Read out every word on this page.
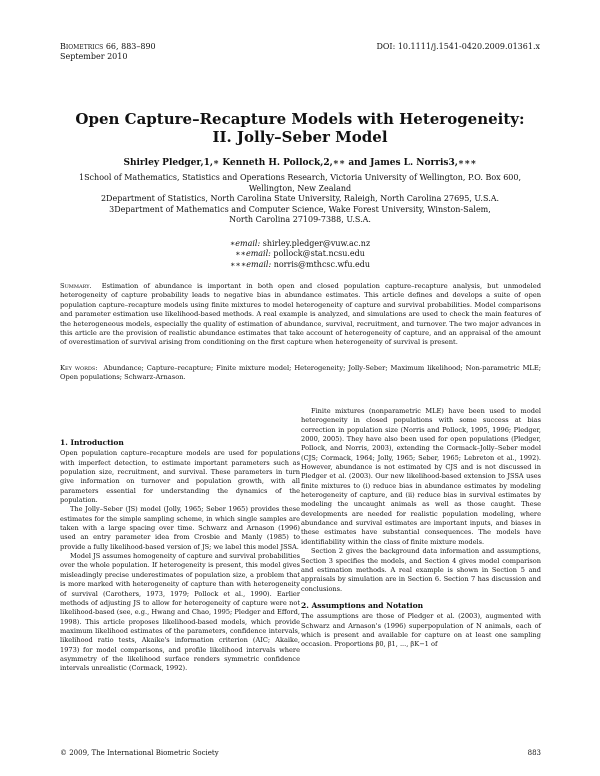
Biometrics 66, 883–890
September 2010
DOI: 10.1111/j.1541-0420.2009.01361.x
Open Capture–Recapture Models with Heterogeneity:
II. Jolly–Seber Model
Shirley Pledger,1,∗ Kenneth H. Pollock,2,∗∗ and James L. Norris3,∗∗∗
1School of Mathematics, Statistics and Operations Research, Victoria University of Wellington, P.O. Box 600,
Wellington, New Zealand
2Department of Statistics, North Carolina State University, Raleigh, North Carolina 27695, U.S.A.
3Department of Mathematics and Computer Science, Wake Forest University, Winston-Salem,
North Carolina 27109-7388, U.S.A.
∗email: shirley.pledger@vuw.ac.nz
∗∗email: pollock@stat.ncsu.edu
∗∗∗email: norris@mthcsc.wfu.edu
Summary. Estimation of abundance is important in both open and closed population capture–recapture analysis, but unmodeled heterogeneity of capture probability leads to negative bias in abundance estimates. This article defines and develops a suite of open population capture–recapture models using finite mixtures to model heterogeneity of capture and survival probabilities. Model comparisons and parameter estimation use likelihood-based methods. A real example is analyzed, and simulations are used to check the main features of the heterogeneous models, especially the quality of estimation of abundance, survival, recruitment, and turnover. The two major advances in this article are the provision of realistic abundance estimates that take account of heterogeneity of capture, and an appraisal of the amount of overestimation of survival arising from conditioning on the first capture when heterogeneity of survival is present.
Key words: Abundance; Capture–recapture; Finite mixture model; Heterogeneity; Jolly-Seber; Maximum likelihood; Non-parametric MLE; Open populations; Schwarz-Arnason.
1. Introduction

Open population capture–recapture models are used for populations with imperfect detection, to estimate important parameters such as population size, recruitment, and survival. These parameters in turn give information on turnover and population growth, with all parameters essential for understanding the dynamics of the population.

The Jolly–Seber (JS) model (Jolly, 1965; Seber 1965) provides these estimates for the simple sampling scheme, in which single samples are taken with a large spacing over time. Schwarz and Arnason (1996) used an entry parameter idea from Crosbie and Manly (1985) to provide a fully likelihood-based version of JS; we label this model JSSA.

Model JS assumes homogeneity of capture and survival probabilities over the whole population. If heterogeneity is present, this model gives misleadingly precise underestimates of population size, a problem that is more marked with heterogeneity of capture than with heterogeneity of survival (Carothers, 1973, 1979; Pollock et al., 1990). Earlier methods of adjusting JS to allow for heterogeneity of capture were not likelihood-based (see, e.g., Hwang and Chao, 1995; Pledger and Efford, 1998). This article proposes likelihood-based models, which provide maximum likelihood estimates of the parameters, confidence intervals, likelihood ratio tests, Akaike's information criterion (AIC; Akaike, 1973) for model comparisons, and profile likelihood intervals where asymmetry of the likelihood surface renders symmetric confidence intervals unrealistic (Cormack, 1992).

Finite mixtures (nonparametric MLE) have been used to model heterogeneity in closed populations with some success at bias correction in population size (Norris and Pollock, 1995, 1996; Pledger, 2000, 2005). They have also been used for open populations (Pledger, Pollock, and Norris, 2003), extending the Cormack–Jolly–Seber model (CJS; Cormack, 1964; Jolly, 1965; Seber, 1965; Lebreton et al., 1992). However, abundance is not estimated by CJS and is not discussed in Pledger et al. (2003). Our new likelihood-based extension to JSSA uses finite mixtures to (i) reduce bias in abundance estimates by modeling heterogeneity of capture, and (ii) reduce bias in survival estimates by modeling the uncaught animals as well as those caught. These developments are needed for realistic population modeling, where abundance and survival estimates are important inputs, and biases in these estimates have substantial consequences. The models have identifiability within the class of finite mixture models.

Section 2 gives the background data information and assumptions, Section 3 specifies the models, and Section 4 gives model comparison and estimation methods. A real example is shown in Section 5 and appraisals by simulation are in Section 6. Section 7 has discussion and conclusions.

2. Assumptions and Notation

The assumptions are those of Pledger et al. (2003), augmented with Schwarz and Arnason's (1996) superpopulation of N animals, each of which is present and available for capture on at least one sampling occasion. Proportions β0, β1, ..., βK−1 of

© 2009, The International Biometric Society	883
